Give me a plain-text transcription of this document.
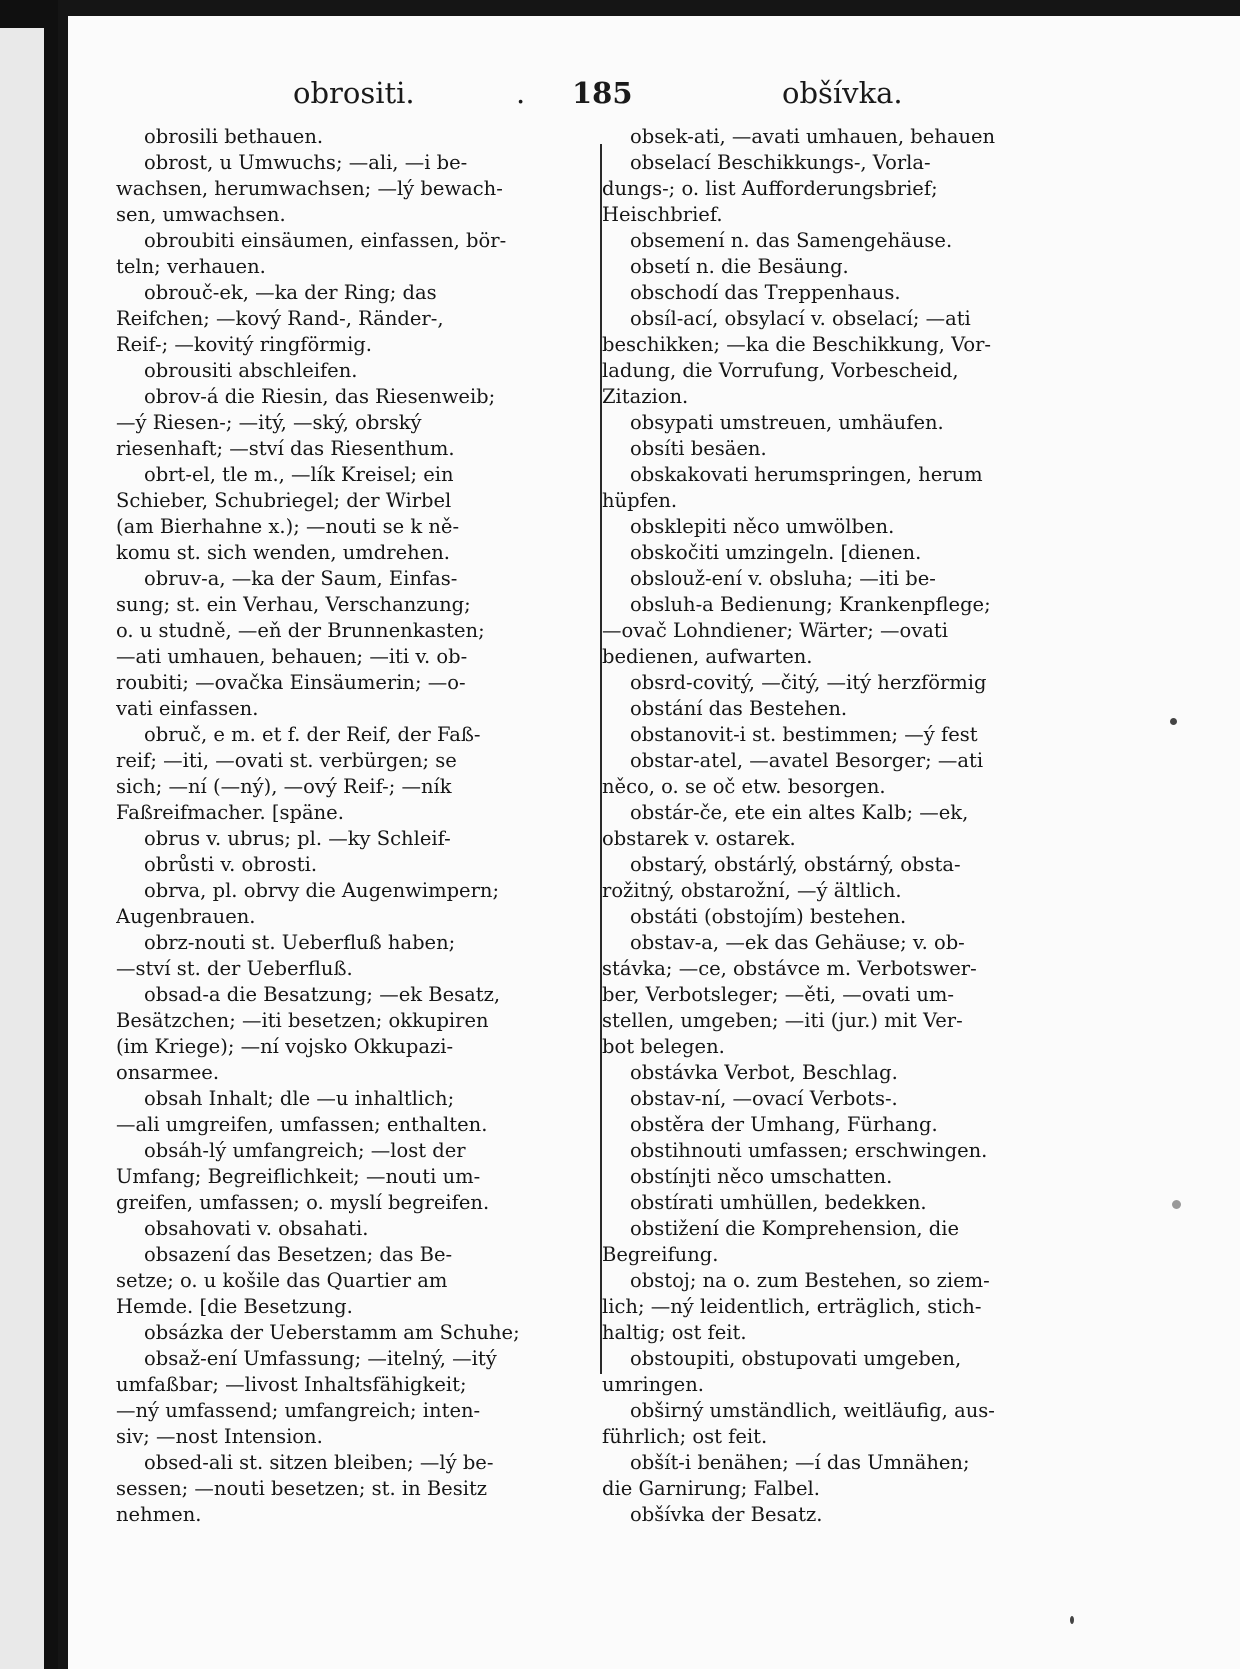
obrositi.	. 185	obšívka.
obrosili bethauen.
obrost, u Umwuchs; —ali, —i be-
wachsen, herumwachsen; —lý bewach-
sen, umwachsen.
obroubiti einsäumen, einfassen, bör-
teln; verhauen.
obrouč-ek, —ka der Ring; das
Reifchen; —kový Rand-, Ränder-,
Reif-; —kovitý ringförmig.
obrousiti abschleifen.
obrov-á die Riesin, das Riesenweib;
—ý Riesen-; —itý, —ský, obrský
riesenhaft; —ství das Riesenthum.
obrt-el, tle m., —lík Kreisel; ein
Schieber, Schubriegel; der Wirbel
(am Bierhahne x.); —nouti se k ně-
komu st. sich wenden, umdrehen.
obruv-a, —ka der Saum, Einfas-
sung; st. ein Verhau, Verschanzung;
o. u studně, —eň der Brunnenkasten;
—ati umhauen, behauen; —iti v. ob-
roubiti; —ovačka Einsäumerin; —o-
vati einfassen.
obruč, e m. et f. der Reif, der Faß-
reif; —iti, —ovati st. verbürgen; se
sich; —ní (—ný), —ový Reif-; —ník
Faßreifmacher. [späne.
obrus v. ubrus; pl. —ky Schleif-
obrůsti v. obrosti.
obrva, pl. obrvy die Augenwimpern;
Augenbrauen.
obrz-nouti st. Ueberfluß haben;
—ství st. der Ueberfluß.
obsad-a die Besatzung; —ek Besatz,
Besätzchen; —iti besetzen; okkupiren
(im Kriege); —ní vojsko Okkupazi-
onsarmee.
obsah Inhalt; dle —u inhaltlich;
—ali umgreifen, umfassen; enthalten.
obsáh-lý umfangreich; —lost der
Umfang; Begreiflichkeit; —nouti um-
greifen, umfassen; o. myslí begreifen.
obsahovati v. obsahati.
obsazení das Besetzen; das Be-
setze; o. u košile das Quartier am
Hemde. [die Besetzung.
obsázka der Ueberstamm am Schuhe;
obsaž-ení Umfassung; —itelný, —itý
umfaßbar; —livost Inhaltsfähigkeit;
—ný umfassend; umfangreich; inten-
siv; —nost Intension.
obsed-ali st. sitzen bleiben; —lý be-
sessen; —nouti besetzen; st. in Besitz
nehmen.
obsek-ati, —avati umhauen, behauen
obselací Beschikkungs-, Vorla-
dungs-; o. list Aufforderungsbrief;
Heischbrief.
obsemení n. das Samengehäuse.
obsetí n. die Besäung.
obschodí das Treppenhaus.
obsíl-ací, obsylací v. obselací; —ati
beschikken; —ka die Beschikkung, Vor-
ladung, die Vorrufung, Vorbescheid,
Zitazion.
obsypati umstreuen, umhäufen.
obsíti besäen.
obskakovati herumspringen, herum
hüpfen.
obsklepiti něco umwölben.
obskočiti umzingeln. [dienen.
obslouž-ení v. obsluha; —iti be-
obsluh-a Bedienung; Krankenpflege;
—ovač Lohndiener; Wärter; —ovati
bedienen, aufwarten.
obsrd-covitý, —čitý, —itý herzförmig
obstání das Bestehen.
obstanovit-i st. bestimmen; —ý fest
obstar-atel, —avatel Besorger; —ati
něco, o. se oč etw. besorgen.
obstár-če, ete ein altes Kalb; —ek,
obstarek v. ostarek.
obstarý, obstárlý, obstárný, obsta-
rožitný, obstarožní, —ý ältlich.
obstáti (obstojím) bestehen.
obstav-a, —ek das Gehäuse; v. ob-
stávka; —ce, obstávce m. Verbotswer-
ber, Verbotsleger; —ěti, —ovati um-
stellen, umgeben; —iti (jur.) mit Ver-
bot belegen.
obstávka Verbot, Beschlag.
obstav-ní, —ovací Verbots-.
obstěra der Umhang, Fürhang.
obstihnouti umfassen; erschwingen.
obstínjti něco umschatten.
obstírati umhüllen, bedekken.
obstižení die Komprehension, die
Begreifung.
obstoj; na o. zum Bestehen, so ziem-
lich; —ný leidentlich, erträglich, stich-
haltig; ost feit.
obstoupiti, obstupovati umgeben,
umringen.
obširný umständlich, weitläufig, aus-
führlich; ost feit.
obšít-i benähen; —í das Umnähen;
die Garnirung; Falbel.
obšívka der Besatz.
